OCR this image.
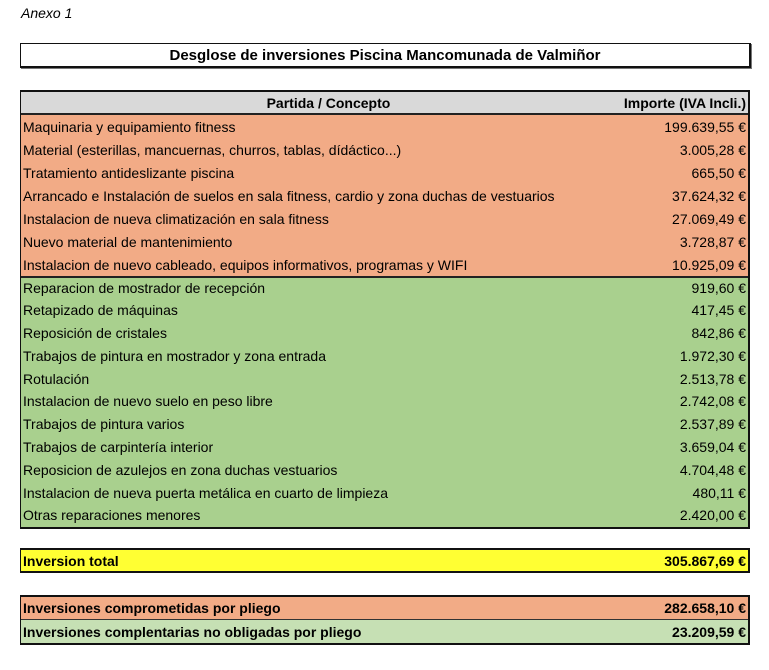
Anexo 1
Desglose de inversiones Piscina Mancomunada de Valmiñor
Partida / Concepto	Importe (IVA Incli.)
Maquinaria y equipamiento fitness	199.639,55 €
Material (esterillas, mancuernas, churros, tablas, dídáctico...)	3.005,28 €
Tratamiento antideslizante piscina	665,50 €
Arrancado e Instalación de suelos en sala fitness, cardio y zona duchas de vestuarios	37.624,32 €
Instalacion de nueva climatización en sala fitness	27.069,49 €
Nuevo material de mantenimiento	3.728,87 €
Instalacion de nuevo cableado, equipos informativos, programas y WIFI	10.925,09 €
Reparacion de mostrador de recepción	919,60 €
Retapizado de máquinas	417,45 €
Reposición de cristales	842,86 €
Trabajos de pintura en mostrador y zona entrada	1.972,30 €
Rotulación	2.513,78 €
Instalacion de nuevo suelo en peso libre	2.742,08 €
Trabajos de pintura varios	2.537,89 €
Trabajos de carpintería interior	3.659,04 €
Reposicion de azulejos en zona duchas vestuarios	4.704,48 €
Instalacion de nueva puerta metálica en cuarto de limpieza	480,11 €
Otras reparaciones menores	2.420,00 €
Inversion total	305.867,69 €
Inversiones comprometidas por pliego	282.658,10 €
Inversiones complentarias no obligadas por pliego	23.209,59 €
